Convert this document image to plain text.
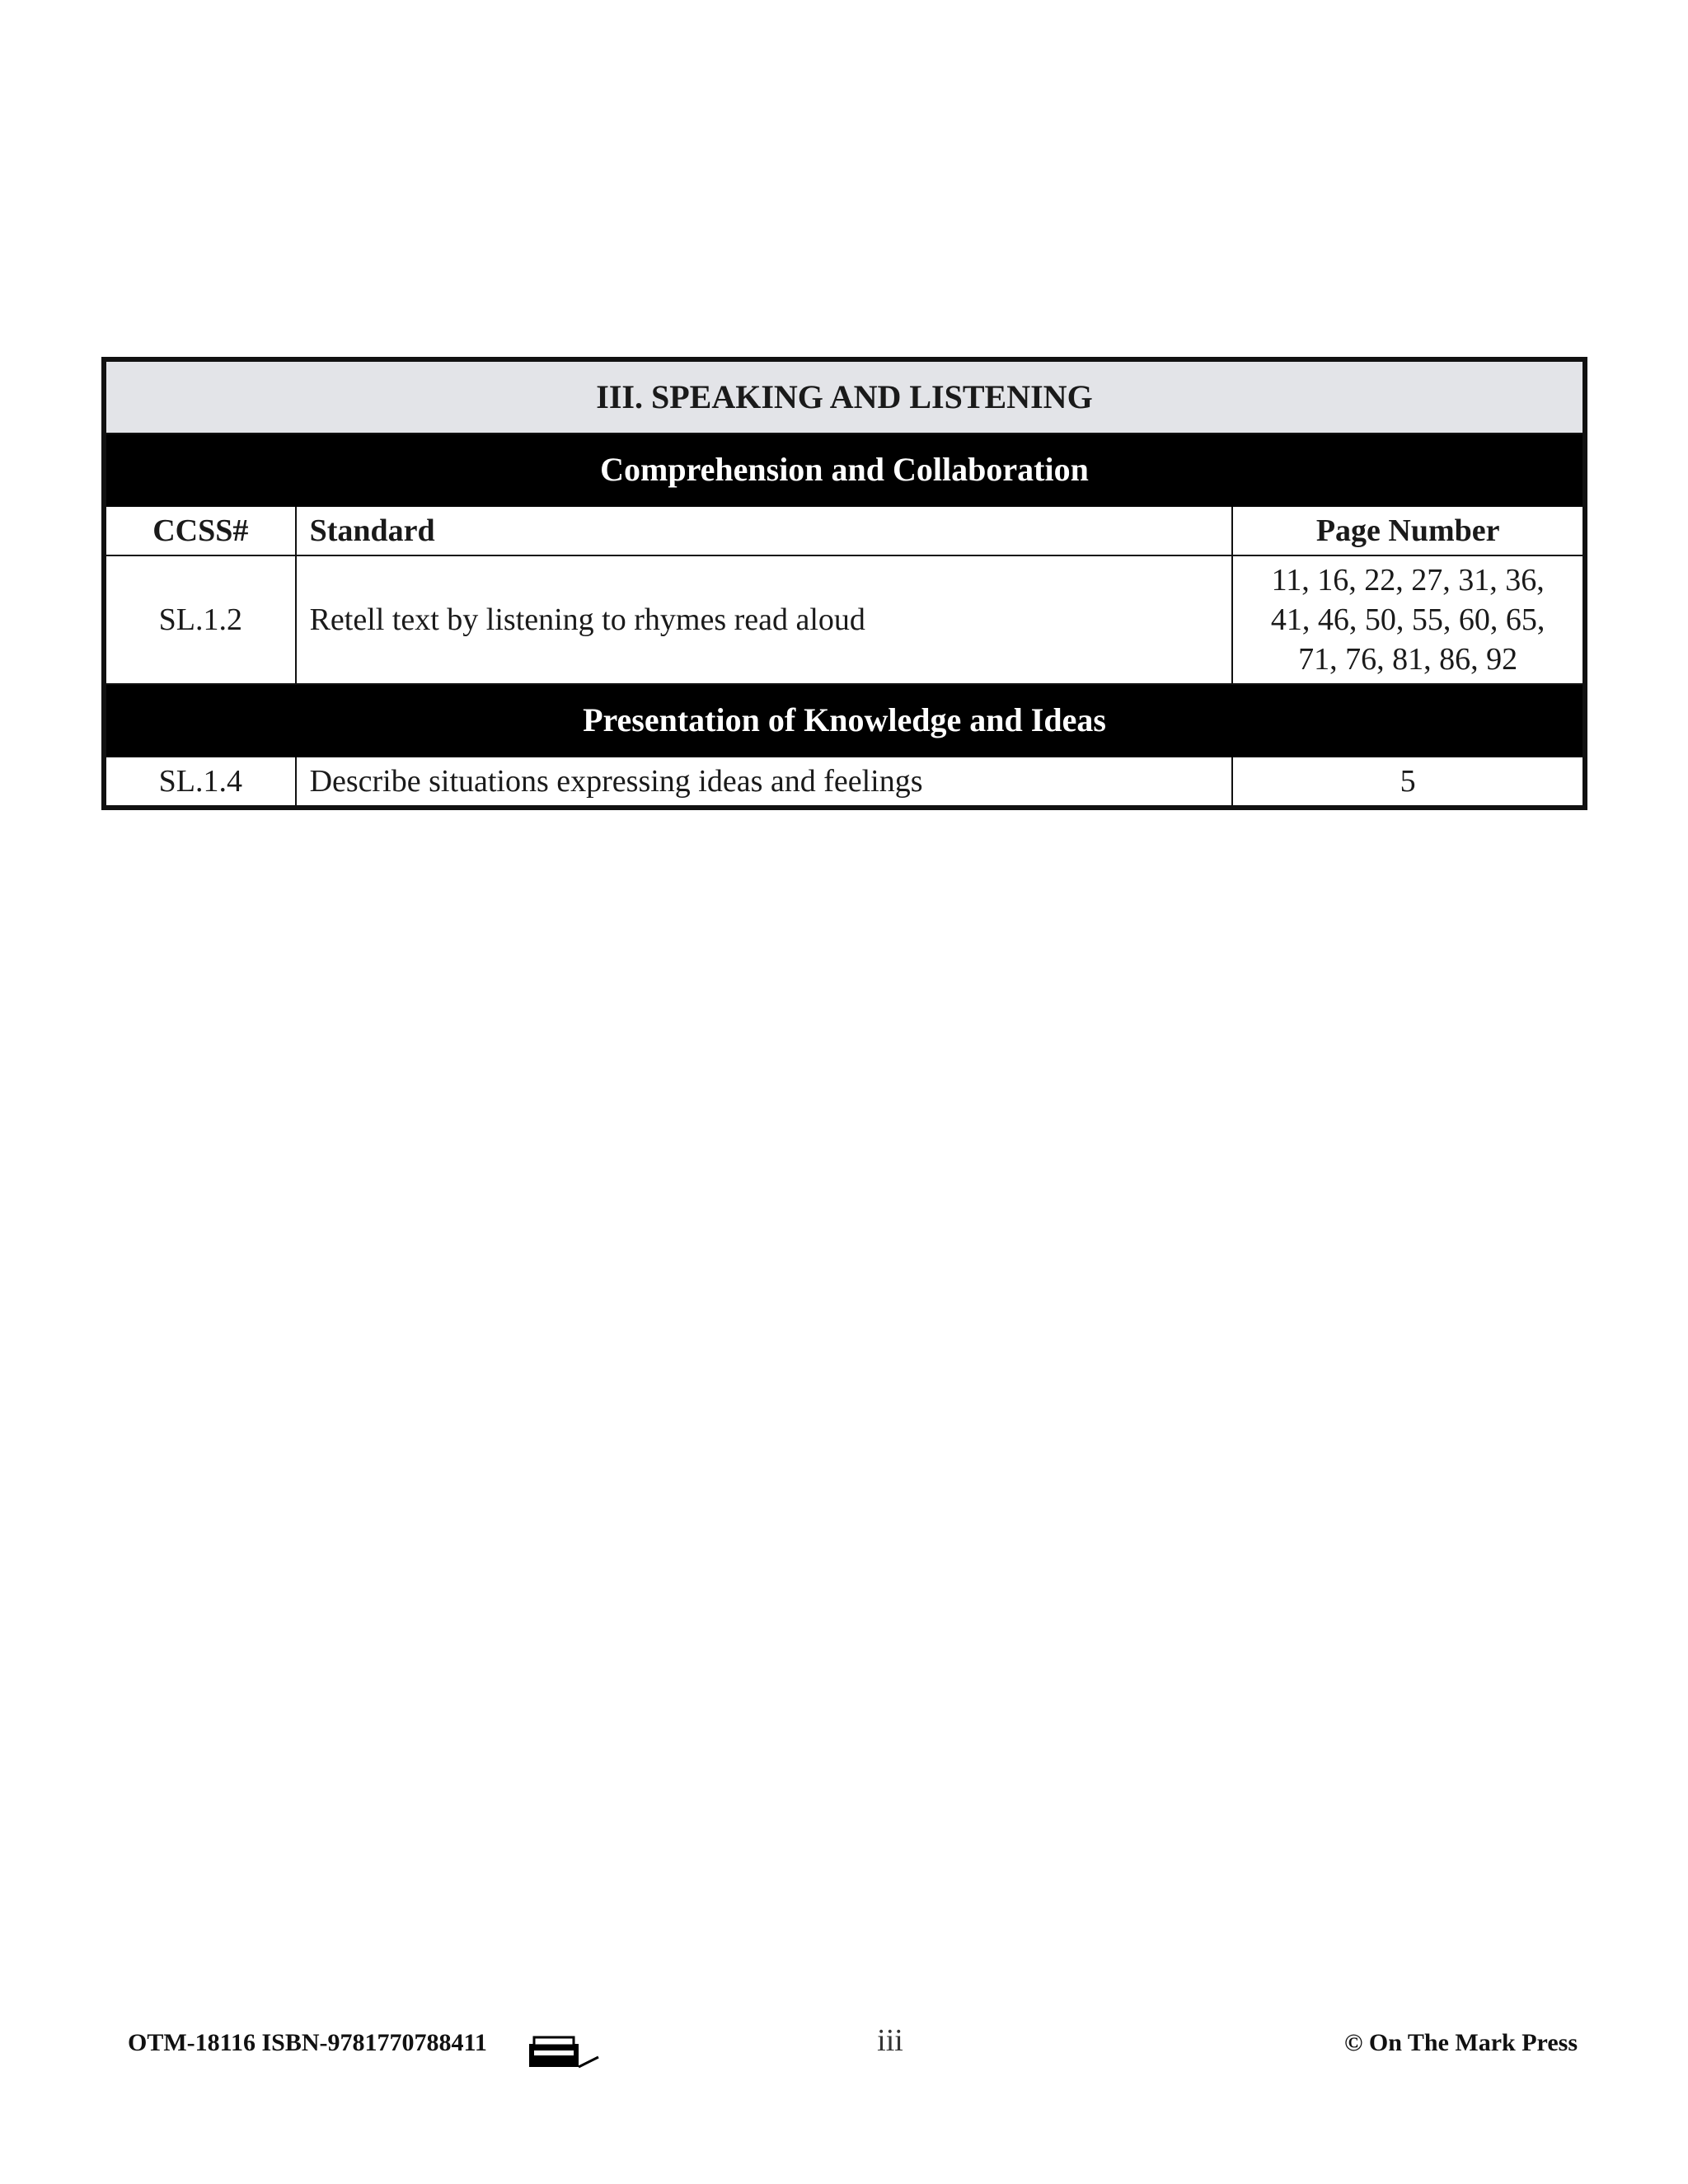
III. SPEAKING AND LISTENING		
Comprehension and Collaboration		
CCSS#	Standard	Page Number
SL.1.2	Retell text by listening to rhymes read aloud	11, 16, 22, 27, 31, 36,
41, 46, 50, 55, 60, 65,
71, 76, 81, 86, 92

Presentation of Knowledge and Ideas		
SL.1.4	Describe situations expressing ideas and feelings	5
OTM-18116 ISBN-9781770788411	iii	© On The Mark Press
